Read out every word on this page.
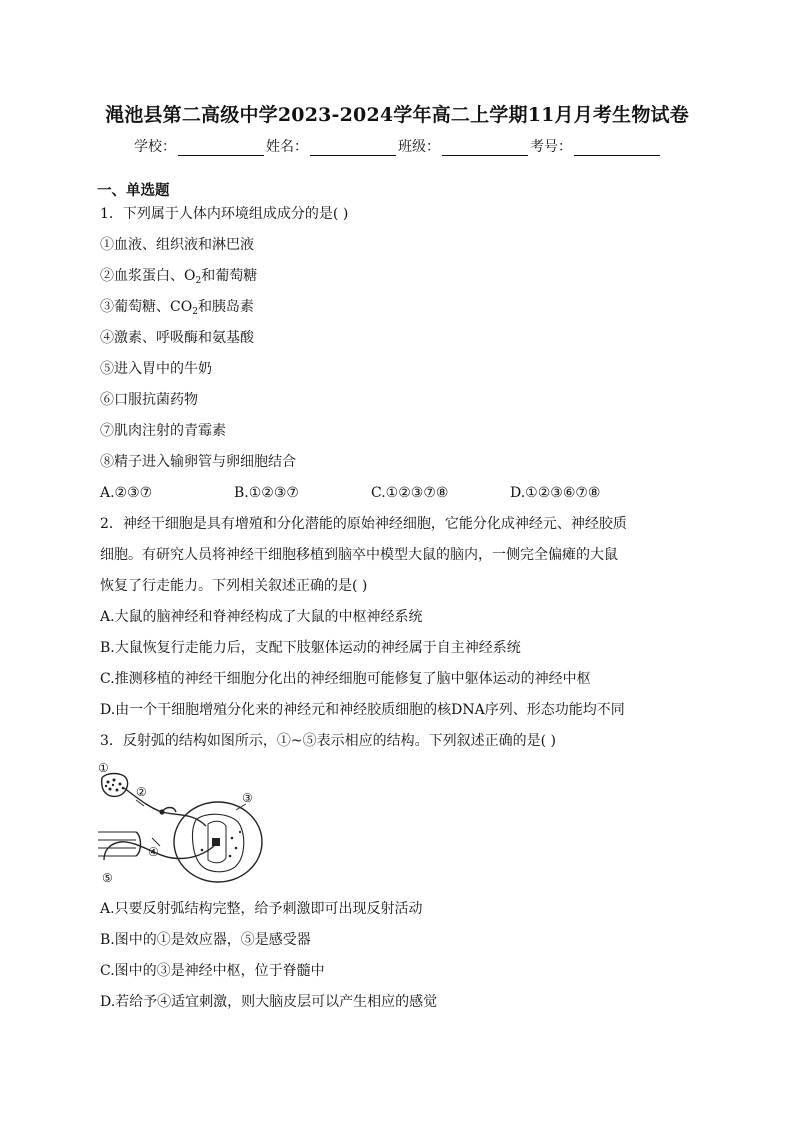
渑池县第二高级中学2023-2024学年高二上学期11月月考生物试卷
学校：	姓名：	班级：	考号：
一、单选题
1．下列属于人体内环境组成成分的是( )
①血液、组织液和淋巴液
②血浆蛋白、$O_2$和葡萄糖
③葡萄糖、$CO_2$和胰岛素
④激素、呼吸酶和氨基酸
⑤进入胃中的牛奶
⑥口服抗菌药物
⑦肌肉注射的青霉素
⑧精子进入输卵管与卵细胞结合
A.②③⑦	B.①②③⑦	C.①②③⑦⑧	D.①②③⑥⑦⑧
2．神经干细胞是具有增殖和分化潜能的原始神经细胞，它能分化成神经元、神经胶质
细胞。有研究人员将神经干细胞移植到脑卒中模型大鼠的脑内，一侧完全偏瘫的大鼠
恢复了行走能力。下列相关叙述正确的是( )
A.大鼠的脑神经和脊神经构成了大鼠的中枢神经系统
B.大鼠恢复行走能力后，支配下肢躯体运动的神经属于自主神经系统
C.推测移植的神经干细胞分化出的神经细胞可能修复了脑中躯体运动的神经中枢
D.由一个干细胞增殖分化来的神经元和神经胶质细胞的核DNA序列、形态功能均不同
3．反射弧的结构如图所示，①~⑤表示相应的结构。下列叙述正确的是( )
①
②	③
④
⑤
A.只要反射弧结构完整，给予刺激即可出现反射活动
B.图中的①是效应器，⑤是感受器
C.图中的③是神经中枢，位于脊髓中
D.若给予④适宜刺激，则大脑皮层可以产生相应的感觉
